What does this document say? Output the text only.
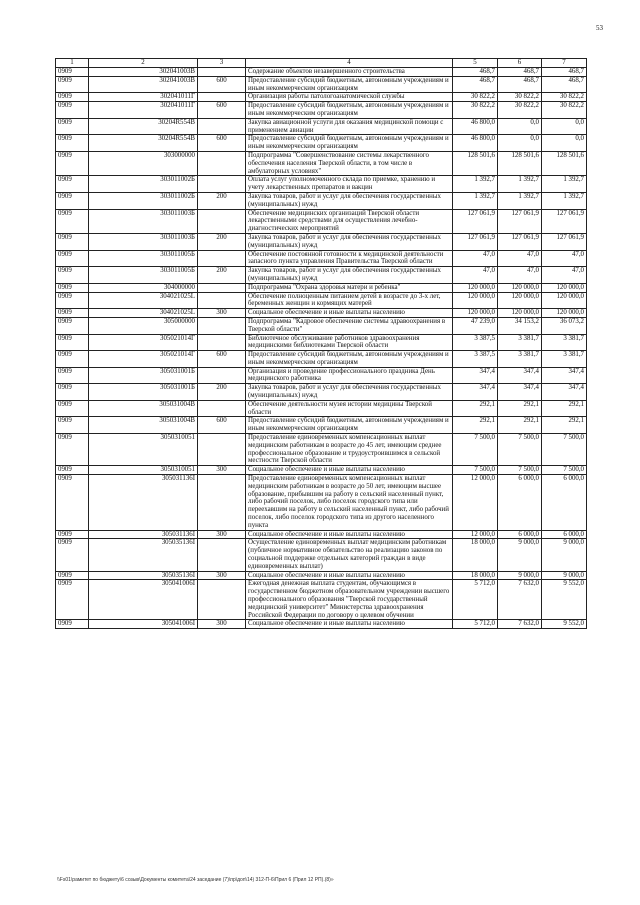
53
1	2	3	4	5	6	7
0909	302041003В		Содержание объектов незавершенного строительства	468,7	468,7	468,7
0909	302041003В	600	Предоставление субсидий бюджетным, автономным учреждениям и иным некоммерческим организациям	468,7	468,7	468,7
0909	302041011Г		Организация работы патологоанатомической службы	30 822,2	30 822,2	30 822,2
0909	302041011Г	600	Предоставление субсидий бюджетным, автономным учреждениям и иным некоммерческим организациям	30 822,2	30 822,2	30 822,2
0909	30204R554В		Закупка авиационной услуги для оказания медицинской помощи с применением авиации	46 800,0	0,0	0,0
0909	30204R554В	600	Предоставление субсидий бюджетным, автономным учреждениям и иным некоммерческим организациям	46 800,0	0,0	0,0
0909	303000000		Подпрограмма "Совершенствование системы лекарственного обеспечения населения Тверской области, в том числе в амбулаторных условиях"	128 501,6	128 501,6	128 501,6
0909	303011002Б		Оплата услуг уполномоченного склада по приемке, хранению и учету лекарственных препаратов и вакцин	1 392,7	1 392,7	1 392,7
0909	303011002Б	200	Закупка товаров, работ и услуг для обеспечения государственных (муниципальных) нужд	1 392,7	1 392,7	1 392,7
0909	303011003Б		Обеспечение медицинских организаций Тверской области лекарственными средствами для осуществления лечебно-диагностических мероприятий	127 061,9	127 061,9	127 061,9
0909	303011003Б	200	Закупка товаров, работ и услуг для обеспечения государственных (муниципальных) нужд	127 061,9	127 061,9	127 061,9
0909	303011005Б		Обеспечение постоянной готовности к медицинской деятельности запасного пункта управления Правительства Тверской области	47,0	47,0	47,0
0909	303011005Б	200	Закупка товаров, работ и услуг для обеспечения государственных (муниципальных) нужд	47,0	47,0	47,0
0909	304000000		Подпрограмма "Охрана здоровья матери и ребенка"	120 000,0	120 000,0	120 000,0
0909	304021025L		Обеспечение полноценным питанием детей в возрасте до 3-х лет, беременных женщин и кормящих матерей	120 000,0	120 000,0	120 000,0
0909	304021025L	300	Социальное обеспечение и иные выплаты населению	120 000,0	120 000,0	120 000,0
0909	305000000		Подпрограмма "Кадровое обеспечение системы здравоохранения в Тверской области"	47 239,0	34 153,2	36 073,2
0909	305021014Г		Библиотечное обслуживание работников здравоохранения медицинскими библиотеками Тверской области	3 387,5	3 381,7	3 381,7
0909	305021014Г	600	Предоставление субсидий бюджетным, автономным учреждениям и иным некоммерческим организациям	3 387,5	3 381,7	3 381,7
0909	305031001Б		Организация и проведение профессионального праздника День медицинского работника	347,4	347,4	347,4
0909	305031001Б	200	Закупка товаров, работ и услуг для обеспечения государственных (муниципальных) нужд	347,4	347,4	347,4
0909	305031004В		Обеспечение деятельности музея истории медицины Тверской области	292,1	292,1	292,1
0909	305031004В	600	Предоставление субсидий бюджетным, автономным учреждениям и иным некоммерческим организациям	292,1	292,1	292,1
0909	3050310051		Предоставление единовременных компенсационных выплат медицинским работникам в возрасте до 45 лет, имеющим среднее профессиональное образование и трудоустроившимся в сельской местности Тверской области	7 500,0	7 500,0	7 500,0
0909	3050310051	300	Социальное обеспечение и иные выплаты населению	7 500,0	7 500,0	7 500,0
0909	305031136I		Предоставление единовременных компенсационных выплат медицинским работникам в возрасте до 50 лет, имеющим высшее образование, прибывшим на работу в сельский населенный пункт, либо рабочий поселок, либо поселок городского типа или переехавшим на работу в сельский населенный пункт, либо рабочий поселок, либо поселок городского типа из другого населенного пункта	12 000,0	6 000,0	6 000,0
0909	305031136I	300	Социальное обеспечение и иные выплаты населению	12 000,0	6 000,0	6 000,0
0909	305035136I		Осуществление единовременных выплат медицинским работникам (публичное нормативное обязательство на реализацию законов по социальной поддержке отдельных категорий граждан в виде единовременных выплат)	18 000,0	9 000,0	9 000,0
0909	305035136I	300	Социальное обеспечение и иные выплаты населению	18 000,0	9 000,0	9 000,0
0909	305041006I		Ежегодная денежная выплата студентам, обучающимся в государственном бюджетном образовательном учреждении высшего профессионального образования "Тверской государственный медицинский университет" Министерства здравоохранения Российской Федерации по договору о целевом обучении	5 712,0	7 632,0	9 552,0
0909	305041006I	300	Социальное обеспечение и иные выплаты населению	5 712,0	7 632,0	9 552,0
\\Fs01\рамитет по бюджету\6 созыв\Документы комитета\24 заседание (7)\пр\доп\14) 312-П-6\Прил 6 (Прил 12 РП).(8)»
